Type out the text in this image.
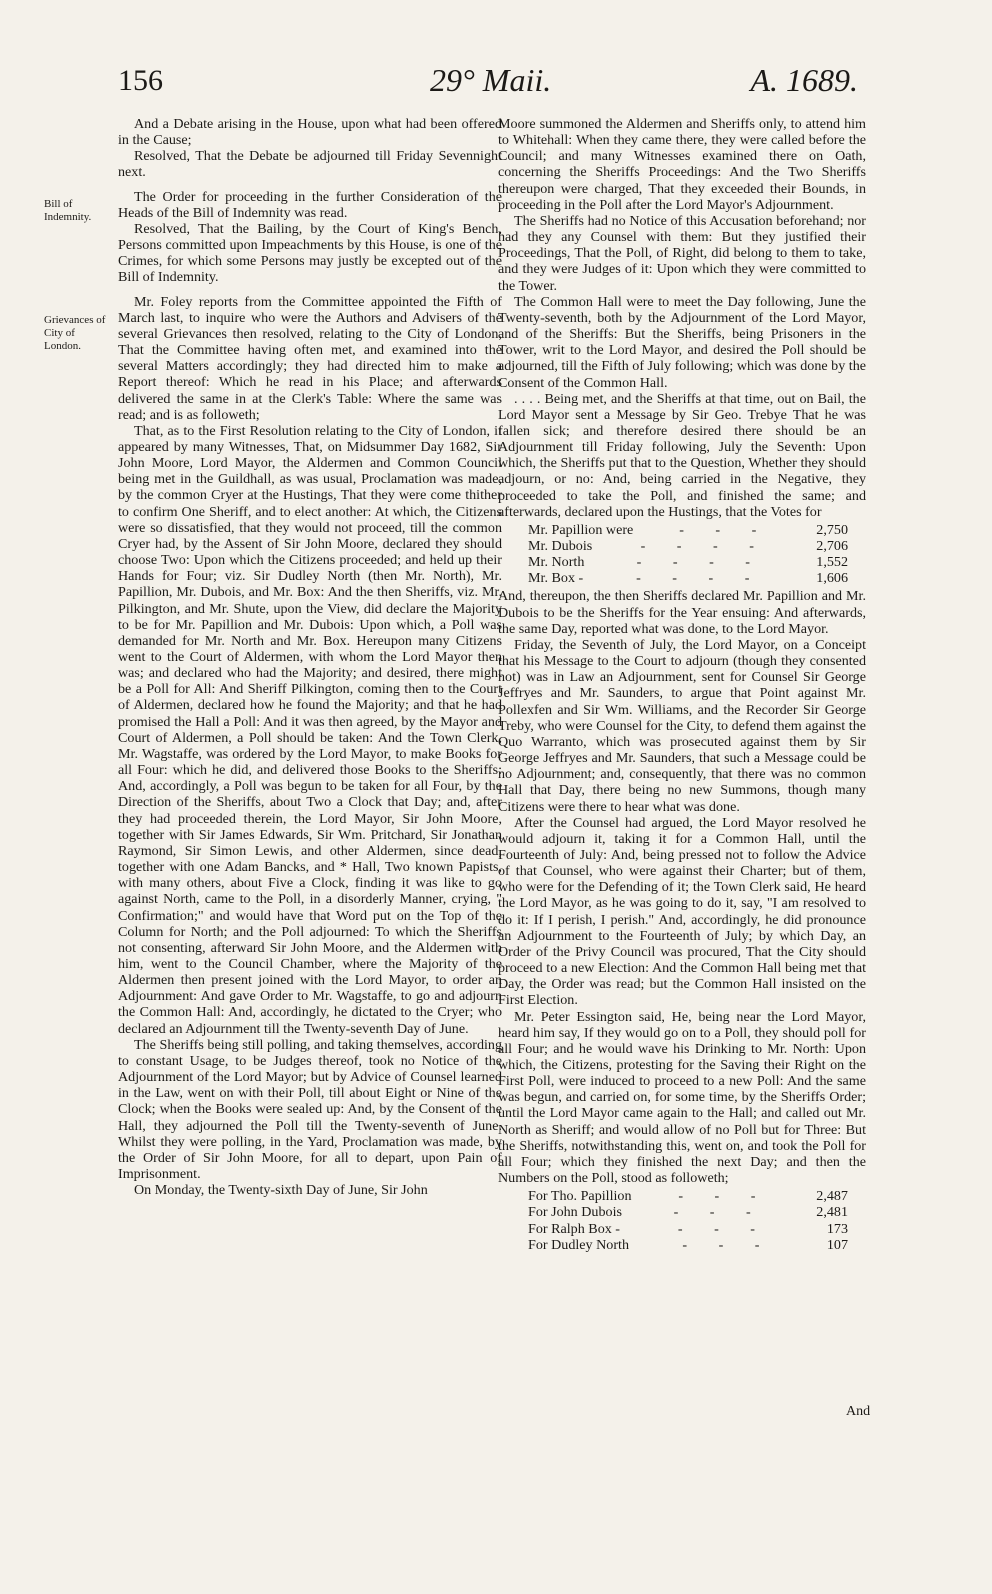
156	29° Maii.	A. 1689.
Bill of Indemnity.
Grievances of City of London.

And a Debate arising in the House, upon what had been offered in the Cause;

Resolved, That the Debate be adjourned till Friday Sevennight next.

The Order for proceeding in the further Consideration of the Heads of the Bill of Indemnity was read.

Resolved, That the Bailing, by the Court of King's Bench, Persons committed upon Impeachments by this House, is one of the Crimes, for which some Persons may justly be excepted out of the Bill of Indemnity.

Mr. Foley reports from the Committee appointed the Fifth of March last, to inquire who were the Authors and Advisers of the several Grievances then resolved, relating to the City of London, That the Committee having often met, and examined into the several Matters accordingly; they had directed him to make a Report thereof: Which he read in his Place; and afterwards delivered the same in at the Clerk's Table: Where the same was read; and is as followeth;

That, as to the First Resolution relating to the City of London, it appeared by many Witnesses, That, on Midsummer Day 1682, Sir John Moore, Lord Mayor, the Aldermen and Common Council being met in the Guildhall, as was usual, Proclamation was made, by the common Cryer at the Hustings, That they were come thither to confirm One Sheriff, and to elect another: At which, the Citizens were so dissatisfied, that they would not proceed, till the common Cryer had, by the Assent of Sir John Moore, declared they should choose Two: Upon which the Citizens proceeded; and held up their Hands for Four; viz. Sir Dudley North (then Mr. North), Mr. Papillion, Mr. Dubois, and Mr. Box: And the then Sheriffs, viz. Mr. Pilkington, and Mr. Shute, upon the View, did declare the Majority to be for Mr. Papillion and Mr. Dubois: Upon which, a Poll was demanded for Mr. North and Mr. Box. Hereupon many Citizens went to the Court of Aldermen, with whom the Lord Mayor then was; and declared who had the Majority; and desired, there might be a Poll for All: And Sheriff Pilkington, coming then to the Court of Aldermen, declared how he found the Majority; and that he had promised the Hall a Poll: And it was then agreed, by the Mayor and Court of Aldermen, a Poll should be taken: And the Town Clerk, Mr. Wagstaffe, was ordered by the Lord Mayor, to make Books for all Four: which he did, and delivered those Books to the Sheriffs: And, accordingly, a Poll was begun to be taken for all Four, by the Direction of the Sheriffs, about Two a Clock that Day; and, after they had proceeded therein, the Lord Mayor, Sir John Moore, together with Sir James Edwards, Sir Wm. Pritchard, Sir Jonathan Raymond, Sir Simon Lewis, and other Aldermen, since dead, together with one Adam Bancks, and * Hall, Two known Papists, with many others, about Five a Clock, finding it was like to go against North, came to the Poll, in a disorderly Manner, crying, " Confirmation;" and would have that Word put on the Top of the Column for North; and the Poll adjourned: To which the Sheriffs not consenting, afterward Sir John Moore, and the Aldermen with him, went to the Council Chamber, where the Majority of the Aldermen then present joined with the Lord Mayor, to order an Adjournment: And gave Order to Mr. Wagstaffe, to go and adjourn the Common Hall: And, accordingly, he dictated to the Cryer; who declared an Adjournment till the Twenty-seventh Day of June.

The Sheriffs being still polling, and taking themselves, according to constant Usage, to be Judges thereof, took no Notice of the Adjournment of the Lord Mayor; but by Advice of Counsel learned in the Law, went on with their Poll, till about Eight or Nine of the Clock; when the Books were sealed up: And, by the Consent of the Hall, they adjourned the Poll till the Twenty-seventh of June. Whilst they were polling, in the Yard, Proclamation was made, by the Order of Sir John Moore, for all to depart, upon Pain of Imprisonment.

On Monday, the Twenty-sixth Day of June, Sir John

Moore summoned the Aldermen and Sheriffs only, to attend him to Whitehall: When they came there, they were called before the Council; and many Witnesses examined there on Oath, concerning the Sheriffs Proceedings: And the Two Sheriffs thereupon were charged, That they exceeded their Bounds, in proceeding in the Poll after the Lord Mayor's Adjournment.

The Sheriffs had no Notice of this Accusation beforehand; nor had they any Counsel with them: But they justified their Proceedings, That the Poll, of Right, did belong to them to take, and they were Judges of it: Upon which they were committed to the Tower.

The Common Hall were to meet the Day following, June the Twenty-seventh, both by the Adjournment of the Lord Mayor, and of the Sheriffs: But the Sheriffs, being Prisoners in the Tower, writ to the Lord Mayor, and desired the Poll should be adjourned, till the Fifth of July following; which was done by the Consent of the Common Hall.

. . . . Being met, and the Sheriffs at that time, out on Bail, the Lord Mayor sent a Message by Sir Geo. Trebye That he was fallen sick; and therefore desired there should be an Adjournment till Friday following, July the Seventh: Upon which, the Sheriffs put that to the Question, Whether they should adjourn, or no: And, being carried in the Negative, they proceeded to take the Poll, and finished the same; and afterwards, declared upon the Hustings, that the Votes for

Mr. Papillion were	- - -	2,750
Mr. Dubois	- - - -	2,706
Mr. North	- - - -	1,552
Mr. Box -	- - - -	1,606

And, thereupon, the then Sheriffs declared Mr. Papillion and Mr. Dubois to be the Sheriffs for the Year ensuing: And afterwards, the same Day, reported what was done, to the Lord Mayor.

Friday, the Seventh of July, the Lord Mayor, on a Conceipt that his Message to the Court to adjourn (though they consented not) was in Law an Adjournment, sent for Counsel Sir George Jeffryes and Mr. Saunders, to argue that Point against Mr. Pollexfen and Sir Wm. Williams, and the Recorder Sir George Treby, who were Counsel for the City, to defend them against the Quo Warranto, which was prosecuted against them by Sir George Jeffryes and Mr. Saunders, that such a Message could be no Adjournment; and, consequently, that there was no common Hall that Day, there being no new Summons, though many Citizens were there to hear what was done.

After the Counsel had argued, the Lord Mayor resolved he would adjourn it, taking it for a Common Hall, until the Fourteenth of July: And, being pressed not to follow the Advice of that Counsel, who were against their Charter; but of them, who were for the Defending of it; the Town Clerk said, He heard the Lord Mayor, as he was going to do it, say, "I am resolved to do it: If I perish, I perish." And, accordingly, he did pronounce an Adjournment to the Fourteenth of July; by which Day, an Order of the Privy Council was procured, That the City should proceed to a new Election: And the Common Hall being met that Day, the Order was read; but the Common Hall insisted on the First Election.

Mr. Peter Essington said, He, being near the Lord Mayor, heard him say, If they would go on to a Poll, they should poll for all Four; and he would wave his Drinking to Mr. North: Upon which, the Citizens, protesting for the Saving their Right on the First Poll, were induced to proceed to a new Poll: And the same was begun, and carried on, for some time, by the Sheriffs Order; until the Lord Mayor came again to the Hall; and called out Mr. North as Sheriff; and would allow of no Poll but for Three: But the Sheriffs, notwithstanding this, went on, and took the Poll for all Four; which they finished the next Day; and then the Numbers on the Poll, stood as followeth;

For Tho. Papillion	- - -	2,487
For John Dubois	- - -	2,481
For Ralph Box -	- - -	173
For Dudley North	- - -	107
And
